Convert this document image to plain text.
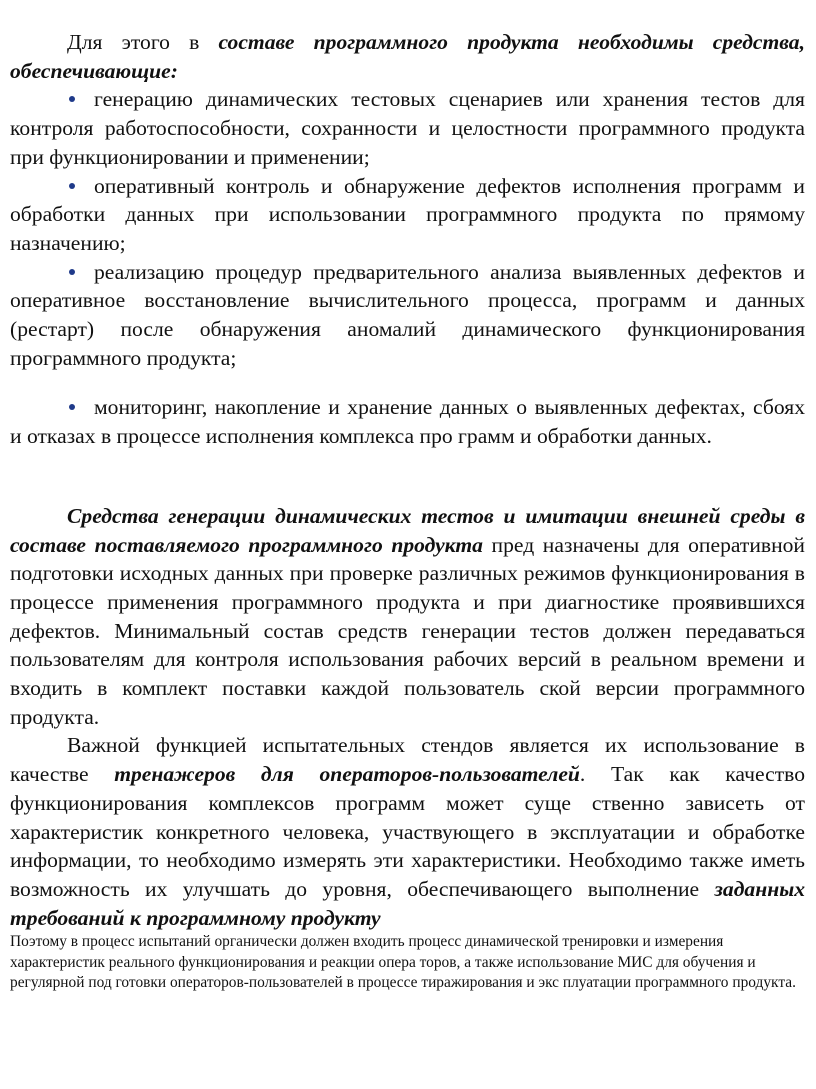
Для этого в составе программного продукта необходимы средства, обеспечивающие:

генерацию динамических тестовых сценариев или хранения тестов для контроля работоспособности, сохранности и целостности программного продукта при функционировании и применении;

оперативный контроль и обнаружение дефектов исполнения программ и обработки данных при использовании программного продукта по прямому назначению;

реализацию процедур предварительного анализа выявленных дефектов и оперативное восстановление вычислительного процесса, программ и данных (рестарт) после обнаружения аномалий динамического функционирования программного продукта;

мониторинг, накопление и хранение данных о выявленных дефектах, сбоях и отказах в процессе исполнения комплекса про грамм и обработки данных.

Средства генерации динамических тестов и имитации внешней среды в составе поставляемого программного продукта пред назначены для оперативной подготовки исходных данных при проверке различных режимов функционирования в процессе применения программного продукта и при диагностике проявившихся дефектов. Минимальный состав средств генерации тестов должен передаваться пользователям для контроля использования рабочих версий в реальном времени и входить в комплект поставки каждой пользователь ской версии программного продукта.

Важной функцией испытательных стендов является их использование в качестве тренажеров для операторов-пользователей. Так как качество функционирования комплексов программ может суще ственно зависеть от характеристик конкретного человека, участвующего в эксплуатации и обработке информации, то необходимо измерять эти характеристики. Необходимо также иметь возможность их улучшать до уровня, обеспечивающего выполнение заданных требований к программному продукту

Поэтому в процесс испытаний органически должен входить процесс динамической тренировки и измерения характеристик реального функционирования и реакции опера торов, а также использование МИС для обучения и регулярной под готовки операторов-пользователей в процессе тиражирования и экс плуатации программного продукта.
